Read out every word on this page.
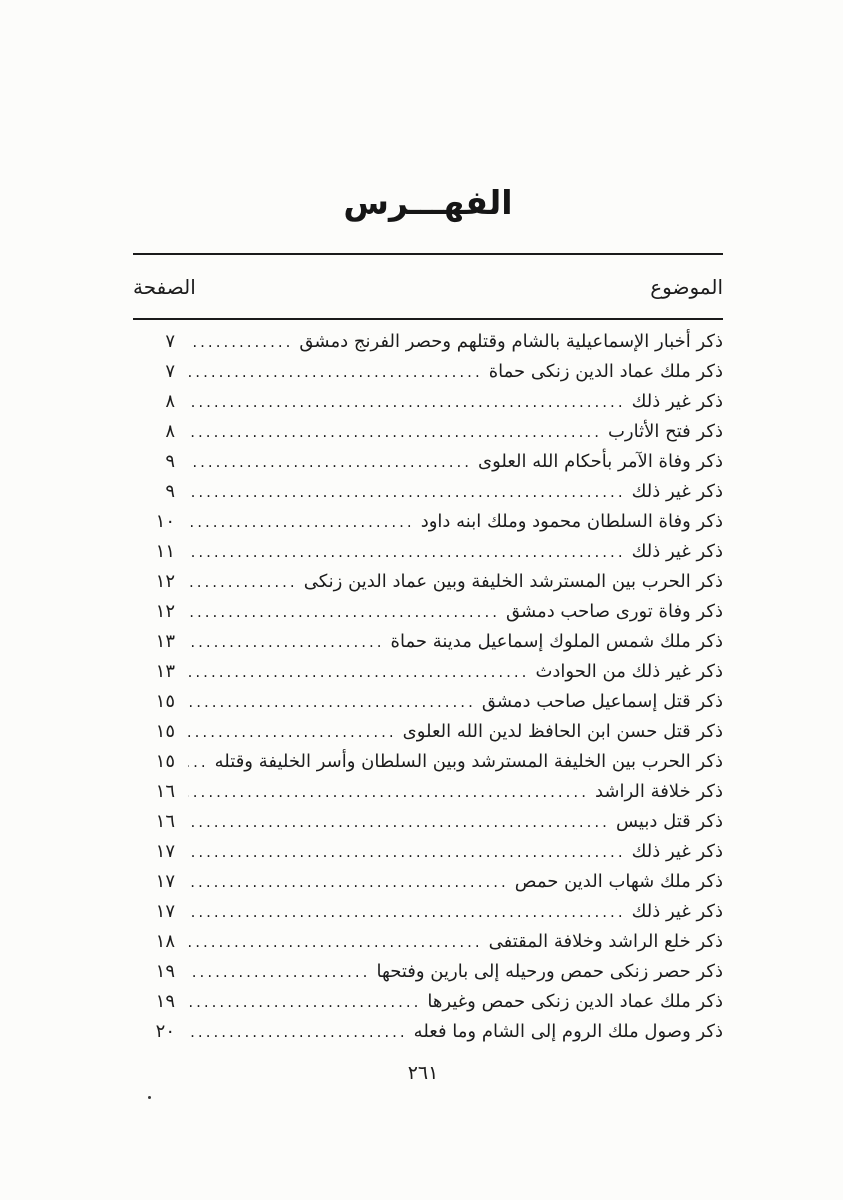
الفهـــرس
الموضوع
الصفحة
ذكر أخبار الإسماعيلية بالشام وقتلهم وحصر الفرنج دمشق
.....
٧
ذكر ملك عماد الدين زنكى حماة
.....
٧
ذكر غير ذلك
.....
٨
ذكر فتح الأثارب
.....
٨
ذكر وفاة الآمر بأحكام الله العلوى
.....
٩
ذكر غير ذلك
.....
٩
ذكر وفاة السلطان محمود وملك ابنه داود
.....
١٠
ذكر غير ذلك
.....
١١
ذكر الحرب بين المسترشد الخليفة وبين عماد الدين زنكى
.....
١٢
ذكر وفاة تورى صاحب دمشق
.....
١٢
ذكر ملك شمس الملوك إسماعيل مدينة حماة
.....
١٣
ذكر غير ذلك من الحوادث
.....
١٣
ذكر قتل إسماعيل صاحب دمشق
.....
١٥
ذكر قتل حسن ابن الحافظ لدين الله العلوى
.....
١٥
ذكر الحرب بين الخليفة المسترشد وبين السلطان وأسر الخليفة وقتله
.....
١٥
ذكر خلافة الراشد
.....
١٦
ذكر قتل دبيس
.....
١٦
ذكر غير ذلك
.....
١٧
ذكر ملك شهاب الدين حمص
.....
١٧
ذكر غير ذلك
.....
١٧
ذكر خلع الراشد وخلافة المقتفى
.....
١٨
ذكر حصر زنكى حمص ورحيله إلى بارين وفتحها
.....
١٩
ذكر ملك عماد الدين زنكى حمص وغيرها
.....
١٩
ذكر وصول ملك الروم إلى الشام وما فعله
.....
٢٠
٢٦١
